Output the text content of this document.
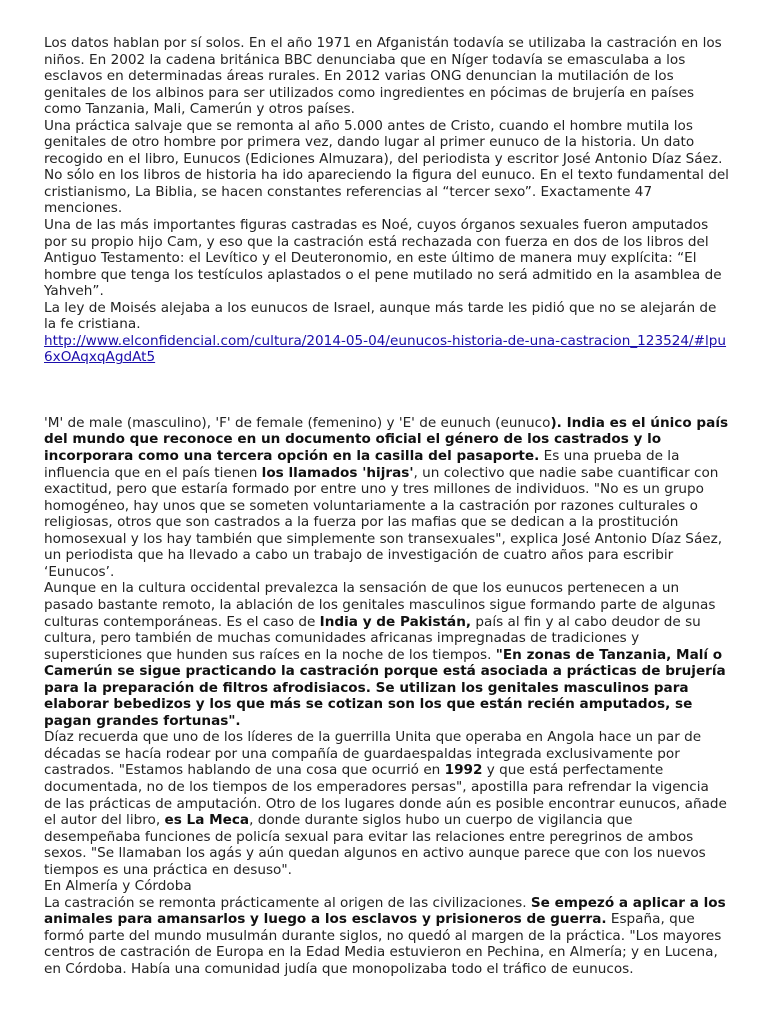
Los datos hablan por sí solos. En el año 1971 en Afganistán todavía se utilizaba la castración en los niños. En 2002 la cadena británica BBC denunciaba que en Níger todavía se emasculaba a los esclavos en determinadas áreas rurales. En 2012 varias ONG denuncian la mutilación de los genitales de los albinos para ser utilizados como ingredientes en pócimas de brujería en países como Tanzania, Mali, Camerún y otros países.

Una práctica salvaje que se remonta al año 5.000 antes de Cristo, cuando el hombre mutila los genitales de otro hombre por primera vez, dando lugar al primer eunuco de la historia. Un dato recogido en el libro, Eunucos (Ediciones Almuzara), del periodista y escritor José Antonio Díaz Sáez.

No sólo en los libros de historia ha ido apareciendo la figura del eunuco. En el texto fundamental del cristianismo, La Biblia, se hacen constantes referencias al “tercer sexo”. Exactamente 47 menciones.

Una de las más importantes figuras castradas es Noé, cuyos órganos sexuales fueron amputados por su propio hijo Cam, y eso que la castración está rechazada con fuerza en dos de los libros del Antiguo Testamento: el Levítico y el Deuteronomio, en este último de manera muy explícita: “El hombre que tenga los testículos aplastados o el pene mutilado no será admitido en la asamblea de Yahveh”.

La ley de Moisés alejaba a los eunucos de Israel, aunque más tarde les pidió que no se alejarán de la fe cristiana.

http://www.elconfidencial.com/cultura/2014-05-04/eunucos-historia-de-una-castracion_123524/#lpu6xOAqxqAgdAt5

'M' de male (masculino), 'F' de female (femenino) y 'E' de eunuch (eunuco). India es el único país del mundo que reconoce en un documento oficial el género de los castrados y lo incorporara como una tercera opción en la casilla del pasaporte. Es una prueba de la influencia que en el país tienen los llamados 'hijras', un colectivo que nadie sabe cuantificar con exactitud, pero que estaría formado por entre uno y tres millones de individuos. "No es un grupo homogéneo, hay unos que se someten voluntariamente a la castración por razones culturales o religiosas, otros que son castrados a la fuerza por las mafias que se dedican a la prostitución homosexual y los hay también que simplemente son transexuales", explica José Antonio Díaz Sáez, un periodista que ha llevado a cabo un trabajo de investigación de cuatro años para escribir ‘Eunucos’.

Aunque en la cultura occidental prevalezca la sensación de que los eunucos pertenecen a un pasado bastante remoto, la ablación de los genitales masculinos sigue formando parte de algunas culturas contemporáneas. Es el caso de India y de Pakistán, país al fin y al cabo deudor de su cultura, pero también de muchas comunidades africanas impregnadas de tradiciones y supersticiones que hunden sus raíces en la noche de los tiempos. "En zonas de Tanzania, Malí o Camerún se sigue practicando la castración porque está asociada a prácticas de brujería para la preparación de filtros afrodisiacos. Se utilizan los genitales masculinos para elaborar bebedizos y los que más se cotizan son los que están recién amputados, se pagan grandes fortunas".

Díaz recuerda que uno de los líderes de la guerrilla Unita que operaba en Angola hace un par de décadas se hacía rodear por una compañía de guardaespaldas integrada exclusivamente por castrados. "Estamos hablando de una cosa que ocurrió en 1992 y que está perfectamente documentada, no de los tiempos de los emperadores persas", apostilla para refrendar la vigencia de las prácticas de amputación. Otro de los lugares donde aún es posible encontrar eunucos, añade el autor del libro, es La Meca, donde durante siglos hubo un cuerpo de vigilancia que desempeñaba funciones de policía sexual para evitar las relaciones entre peregrinos de ambos sexos. "Se llamaban los agás y aún quedan algunos en activo aunque parece que con los nuevos tiempos es una práctica en desuso".

En Almería y Córdoba

La castración se remonta prácticamente al origen de las civilizaciones. Se empezó a aplicar a los animales para amansarlos y luego a los esclavos y prisioneros de guerra. España, que formó parte del mundo musulmán durante siglos, no quedó al margen de la práctica. "Los mayores centros de castración de Europa en la Edad Media estuvieron en Pechina, en Almería; y en Lucena, en Córdoba. Había una comunidad judía que monopolizaba todo el tráfico de eunucos.
